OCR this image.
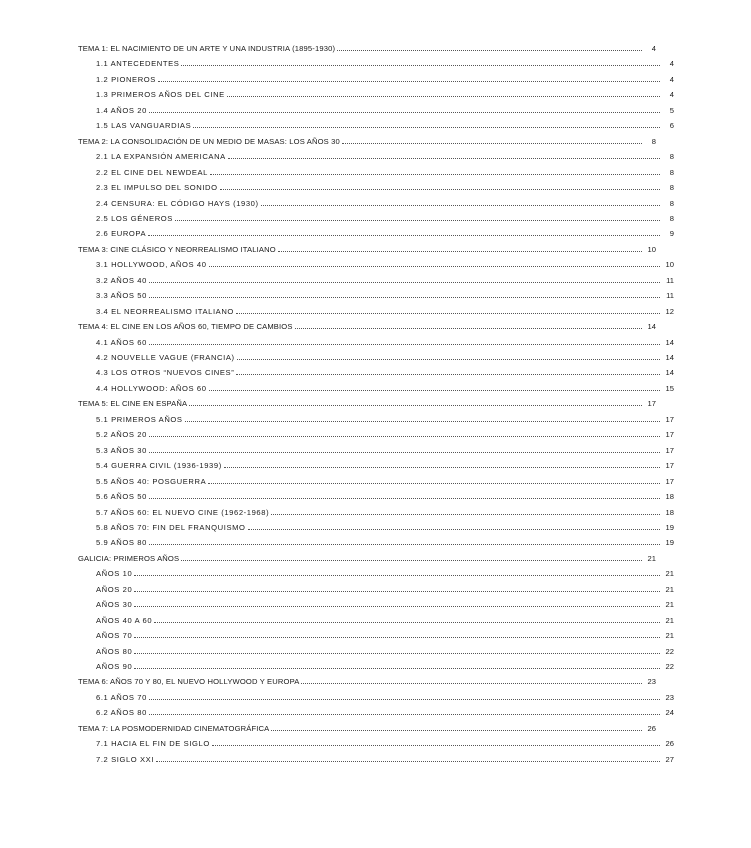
TEMA 1: EL NACIMIENTO DE UN ARTE Y UNA INDUSTRIA (1895-1930)	4
1.1 ANTECEDENTES	4
1.2 PIONEROS	4
1.3 PRIMEROS AÑOS DEL CINE	4
1.4 AÑOS 20	5
1.5 LAS VANGUARDIAS	6
TEMA 2: LA CONSOLIDACIÓN DE UN MEDIO DE MASAS: LOS AÑOS 30	8
2.1 LA EXPANSIÓN AMERICANA	8
2.2 EL CINE DEL NEWDEAL	8
2.3 EL IMPULSO DEL SONIDO	8
2.4 CENSURA: EL CÓDIGO HAYS (1930)	8
2.5 LOS GÉNEROS	8
2.6 EUROPA	9
TEMA 3: CINE CLÁSICO Y NEORREALISMO ITALIANO	10
3.1 HOLLYWOOD, AÑOS 40	10
3.2 AÑOS 40	11
3.3 AÑOS 50	11
3.4 EL NEORREALISMO ITALIANO	12
TEMA 4: EL CINE EN LOS AÑOS 60, TIEMPO DE CAMBIOS	14
4.1 AÑOS 60	14
4.2 NOUVELLE VAGUE (FRANCIA)	14
4.3 LOS OTROS “NUEVOS CINES”	14
4.4 HOLLYWOOD: AÑOS 60	15
TEMA 5: EL CINE EN ESPAÑA	17
5.1 PRIMEROS AÑOS	17
5.2 AÑOS 20	17
5.3 AÑOS 30	17
5.4 GUERRA CIVIL (1936-1939)	17
5.5 AÑOS 40: POSGUERRA	17
5.6 AÑOS 50	18
5.7 AÑOS 60: EL NUEVO CINE (1962-1968)	18
5.8 AÑOS 70: FIN DEL FRANQUISMO	19
5.9 AÑOS 80	19
GALICIA: PRIMEROS AÑOS	21
AÑOS 10	21
AÑOS 20	21
AÑOS 30	21
AÑOS 40 A 60	21
AÑOS 70	21
AÑOS 80	22
AÑOS 90	22
TEMA 6: AÑOS 70 Y 80, EL NUEVO HOLLYWOOD Y EUROPA	23
6.1 AÑOS 70	23
6.2 AÑOS 80	24
TEMA 7: LA POSMODERNIDAD CINEMATOGRÁFICA	26
7.1 HACIA EL FIN DE SIGLO	26
7.2 SIGLO XXI	27
